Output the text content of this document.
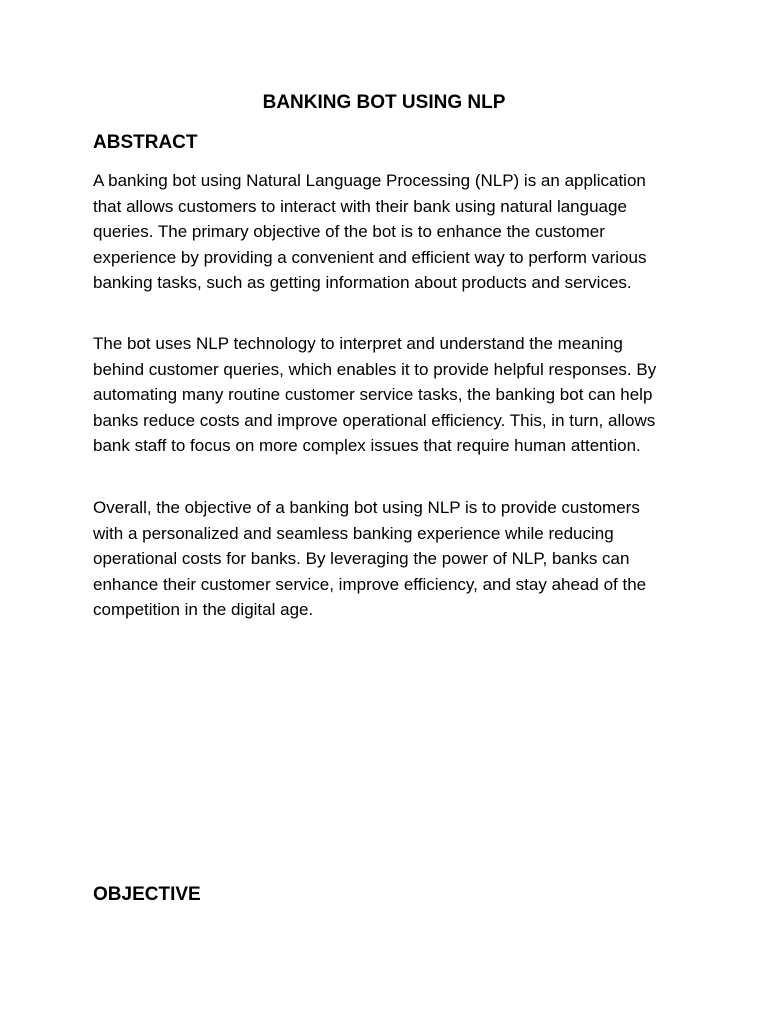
BANKING BOT USING NLP
ABSTRACT

A banking bot using Natural Language Processing (NLP) is an application that allows customers to interact with their bank using natural language queries. The primary objective of the bot is to enhance the customer experience by providing a convenient and efficient way to perform various banking tasks, such as getting information about products and services.

The bot uses NLP technology to interpret and understand the meaning behind customer queries, which enables it to provide helpful responses. By automating many routine customer service tasks, the banking bot can help banks reduce costs and improve operational efficiency. This, in turn, allows bank staff to focus on more complex issues that require human attention.

Overall, the objective of a banking bot using NLP is to provide customers with a personalized and seamless banking experience while reducing operational costs for banks. By leveraging the power of NLP, banks can enhance their customer service, improve efficiency, and stay ahead of the competition in the digital age.

OBJECTIVE
